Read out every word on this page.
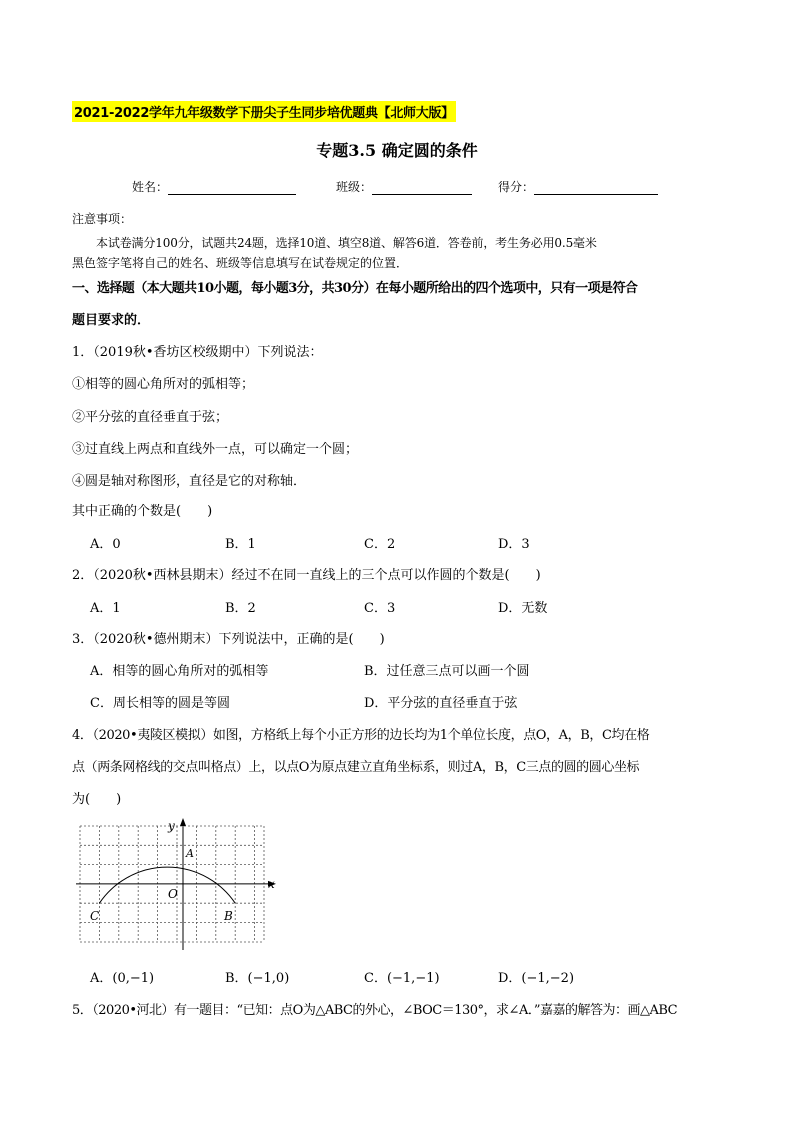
2021-2022学年九年级数学下册尖子生同步培优题典【北师大版】
专题3.5 确定圆的条件
姓名：	班级：	得分：
注意事项：
本试卷满分100分，试题共24题，选择10道、填空8道、解答6道．答卷前，考生务必用0.5毫米
黑色签字笔将自己的姓名、班级等信息填写在试卷规定的位置．
一、选择题（本大题共10小题，每小题3分，共30分）在每小题所给出的四个选项中，只有一项是符合
题目要求的．
1．（2019秋•香坊区校级期中）下列说法：
①相等的圆心角所对的弧相等；
②平分弦的直径垂直于弦；
③过直线上两点和直线外一点，可以确定一个圆；
④圆是轴对称图形，直径是它的对称轴．
其中正确的个数是(　　)
A．0	B．1	C．2	D．3
2．（2020秋•西林县期末）经过不在同一直线上的三个点可以作圆的个数是(　　)
A．1	B．2	C．3	D．无数
3．（2020秋•德州期末）下列说法中，正确的是(　　)
A．相等的圆心角所对的弧相等	B．过任意三点可以画一个圆
C．周长相等的圆是等圆	D．平分弦的直径垂直于弦
4．（2020•夷陵区模拟）如图，方格纸上每个小正方形的边长均为1个单位长度，点O，A，B，C均在格
点（两条网格线的交点叫格点）上，以点O为原点建立直角坐标系，则过A，B，C三点的圆的圆心坐标
为(　　)
y
x
O
A
B
C
A．(0,−1)	B．(−1,0)	C．(−1,−1)	D．(−1,−2)
5．（2020•河北）有一题目：“已知：点O为△ABC的外心，∠BOC＝130°，求∠A．”嘉嘉的解答为：画△ABC
